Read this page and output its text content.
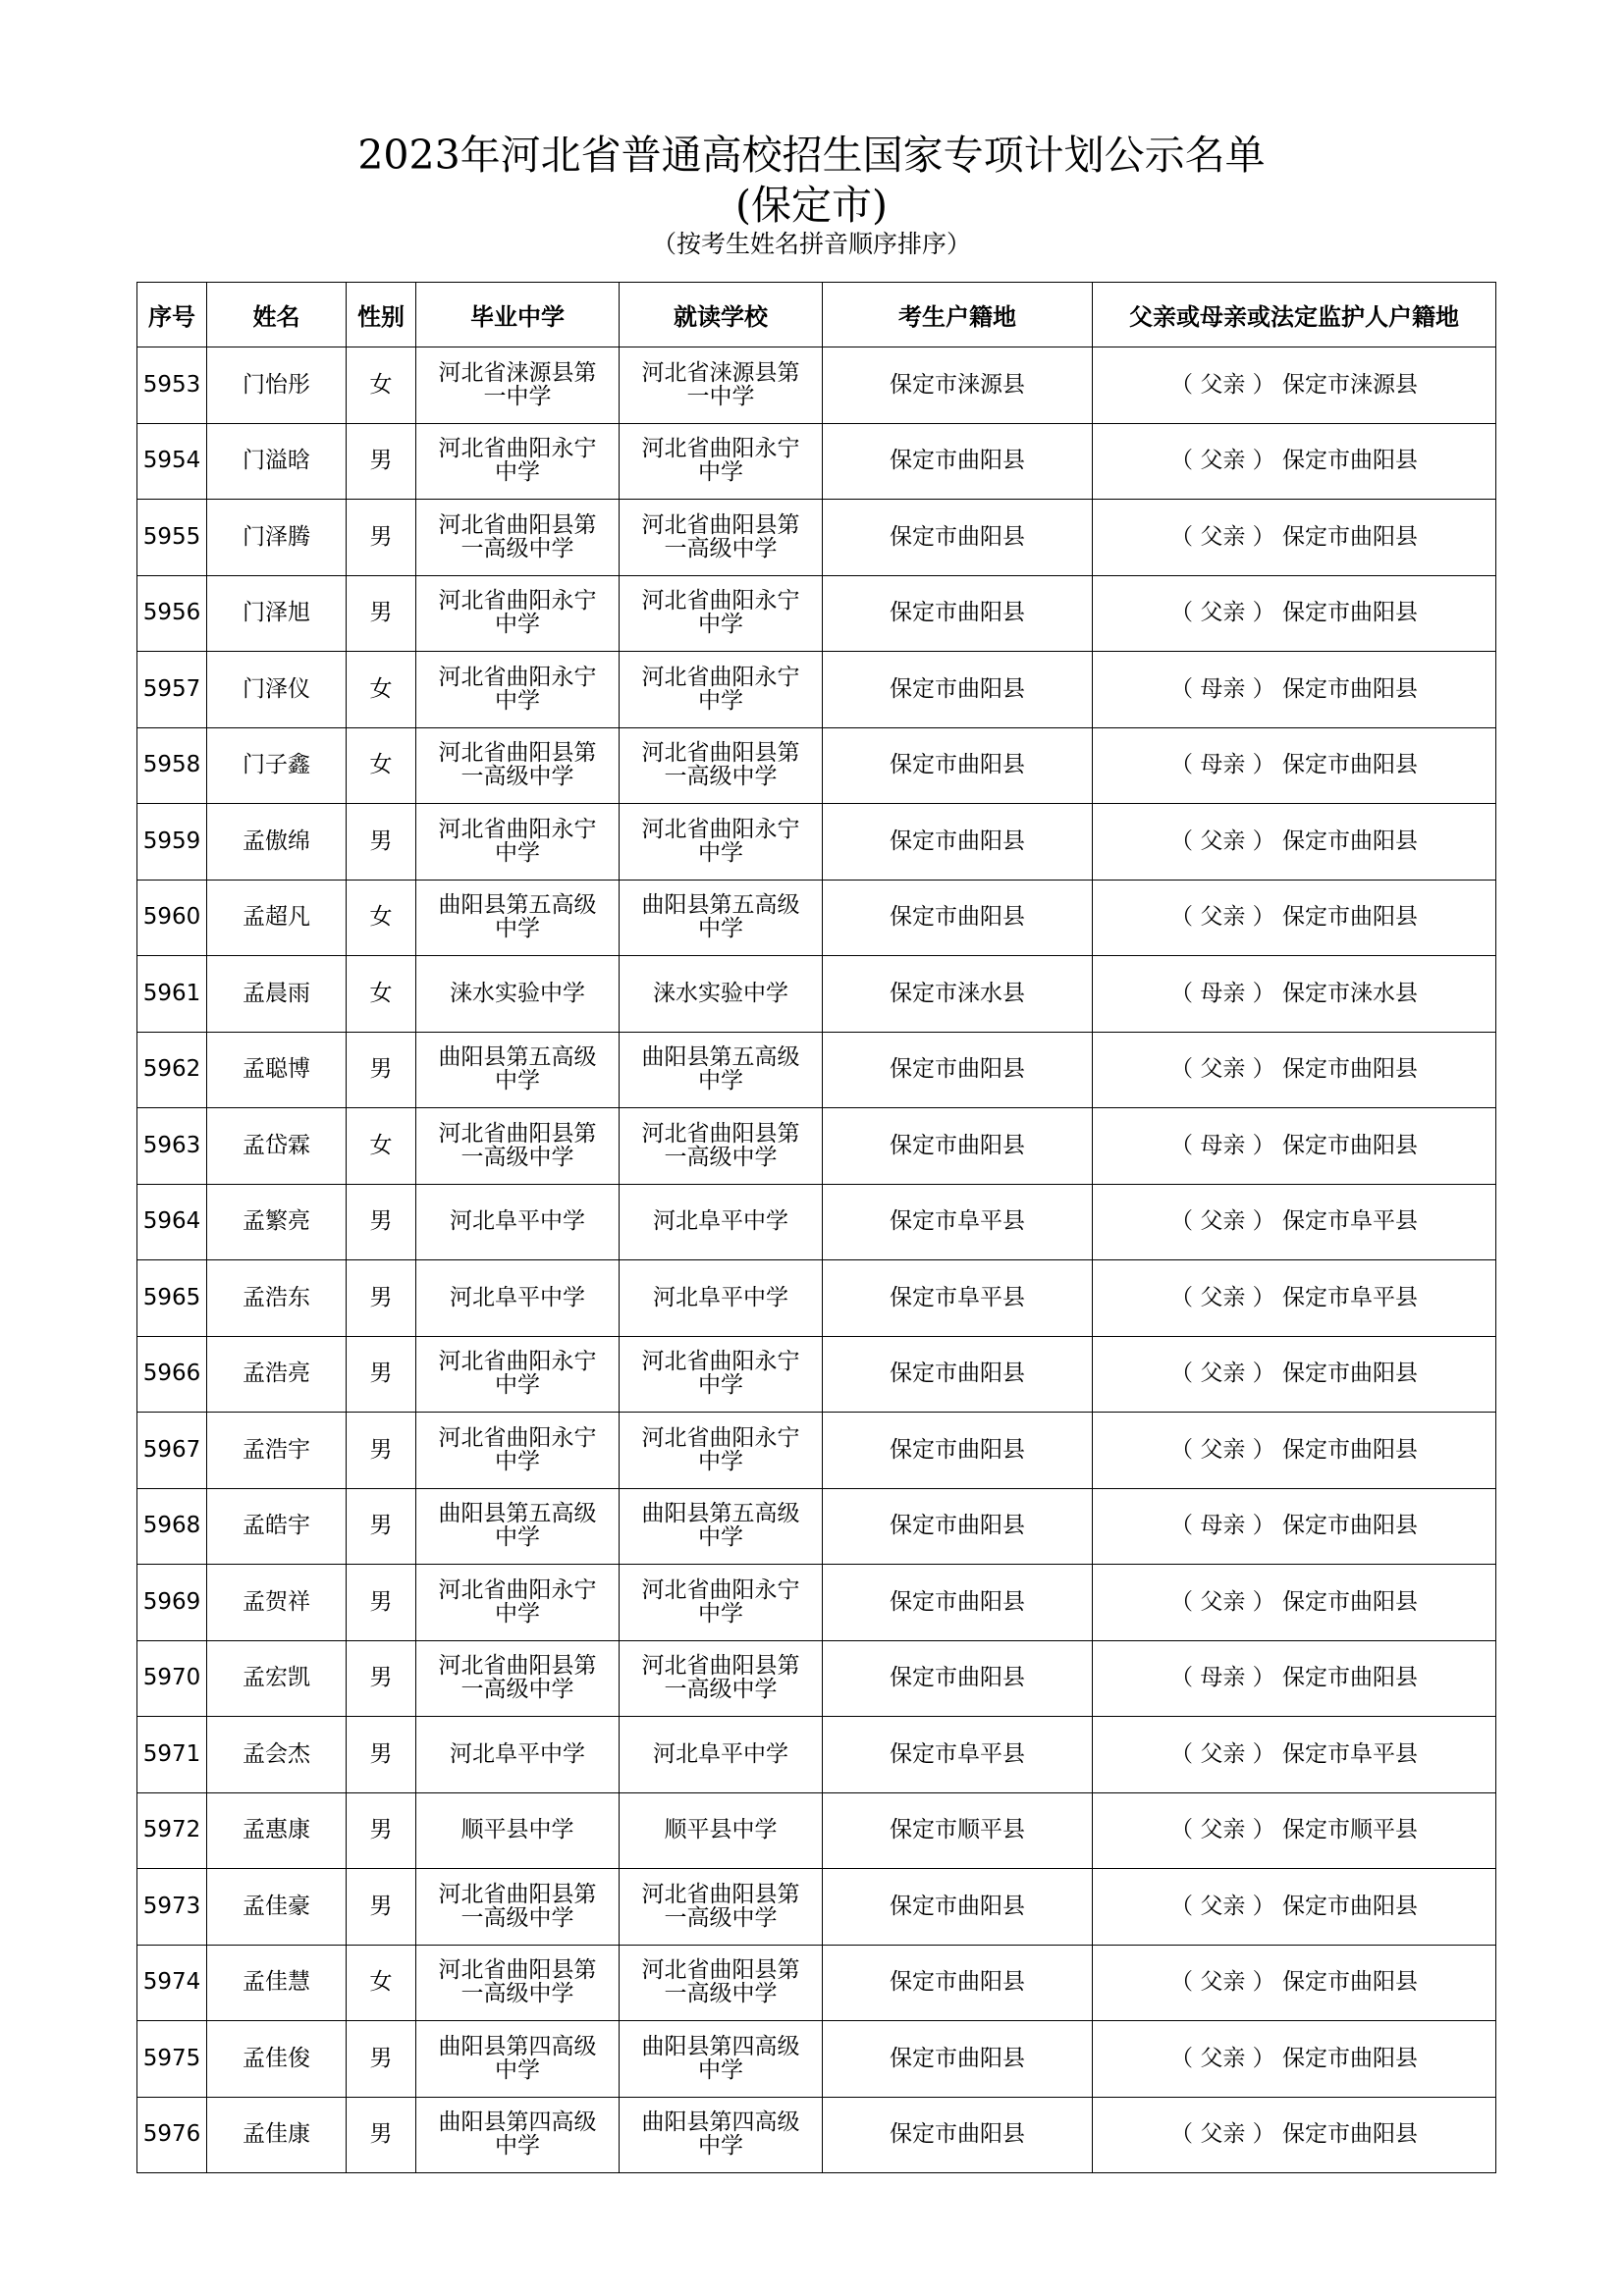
2023年河北省普通高校招生国家专项计划公示名单
(保定市)
（按考生姓名拼音顺序排序）
序号	姓名	性别	毕业中学	就读学校	考生户籍地	父亲或母亲或法定监护人户籍地
5953	门怡彤	女	河北省涞源县第一中学	河北省涞源县第一中学	保定市涞源县	（ 父亲 ） 保定市涞源县
5954	门溢晗	男	河北省曲阳永宁中学	河北省曲阳永宁中学	保定市曲阳县	（ 父亲 ） 保定市曲阳县
5955	门泽腾	男	河北省曲阳县第一高级中学	河北省曲阳县第一高级中学	保定市曲阳县	（ 父亲 ） 保定市曲阳县
5956	门泽旭	男	河北省曲阳永宁中学	河北省曲阳永宁中学	保定市曲阳县	（ 父亲 ） 保定市曲阳县
5957	门泽仪	女	河北省曲阳永宁中学	河北省曲阳永宁中学	保定市曲阳县	（ 母亲 ） 保定市曲阳县
5958	门子鑫	女	河北省曲阳县第一高级中学	河北省曲阳县第一高级中学	保定市曲阳县	（ 母亲 ） 保定市曲阳县
5959	孟傲绵	男	河北省曲阳永宁中学	河北省曲阳永宁中学	保定市曲阳县	（ 父亲 ） 保定市曲阳县
5960	孟超凡	女	曲阳县第五高级中学	曲阳县第五高级中学	保定市曲阳县	（ 父亲 ） 保定市曲阳县
5961	孟晨雨	女	涞水实验中学	涞水实验中学	保定市涞水县	（ 母亲 ） 保定市涞水县
5962	孟聪博	男	曲阳县第五高级中学	曲阳县第五高级中学	保定市曲阳县	（ 父亲 ） 保定市曲阳县
5963	孟岱霖	女	河北省曲阳县第一高级中学	河北省曲阳县第一高级中学	保定市曲阳县	（ 母亲 ） 保定市曲阳县
5964	孟繁亮	男	河北阜平中学	河北阜平中学	保定市阜平县	（ 父亲 ） 保定市阜平县
5965	孟浩东	男	河北阜平中学	河北阜平中学	保定市阜平县	（ 父亲 ） 保定市阜平县
5966	孟浩亮	男	河北省曲阳永宁中学	河北省曲阳永宁中学	保定市曲阳县	（ 父亲 ） 保定市曲阳县
5967	孟浩宇	男	河北省曲阳永宁中学	河北省曲阳永宁中学	保定市曲阳县	（ 父亲 ） 保定市曲阳县
5968	孟皓宇	男	曲阳县第五高级中学	曲阳县第五高级中学	保定市曲阳县	（ 母亲 ） 保定市曲阳县
5969	孟贺祥	男	河北省曲阳永宁中学	河北省曲阳永宁中学	保定市曲阳县	（ 父亲 ） 保定市曲阳县
5970	孟宏凯	男	河北省曲阳县第一高级中学	河北省曲阳县第一高级中学	保定市曲阳县	（ 母亲 ） 保定市曲阳县
5971	孟会杰	男	河北阜平中学	河北阜平中学	保定市阜平县	（ 父亲 ） 保定市阜平县
5972	孟惠康	男	顺平县中学	顺平县中学	保定市顺平县	（ 父亲 ） 保定市顺平县
5973	孟佳豪	男	河北省曲阳县第一高级中学	河北省曲阳县第一高级中学	保定市曲阳县	（ 父亲 ） 保定市曲阳县
5974	孟佳慧	女	河北省曲阳县第一高级中学	河北省曲阳县第一高级中学	保定市曲阳县	（ 父亲 ） 保定市曲阳县
5975	孟佳俊	男	曲阳县第四高级中学	曲阳县第四高级中学	保定市曲阳县	（ 父亲 ） 保定市曲阳县
5976	孟佳康	男	曲阳县第四高级中学	曲阳县第四高级中学	保定市曲阳县	（ 父亲 ） 保定市曲阳县
